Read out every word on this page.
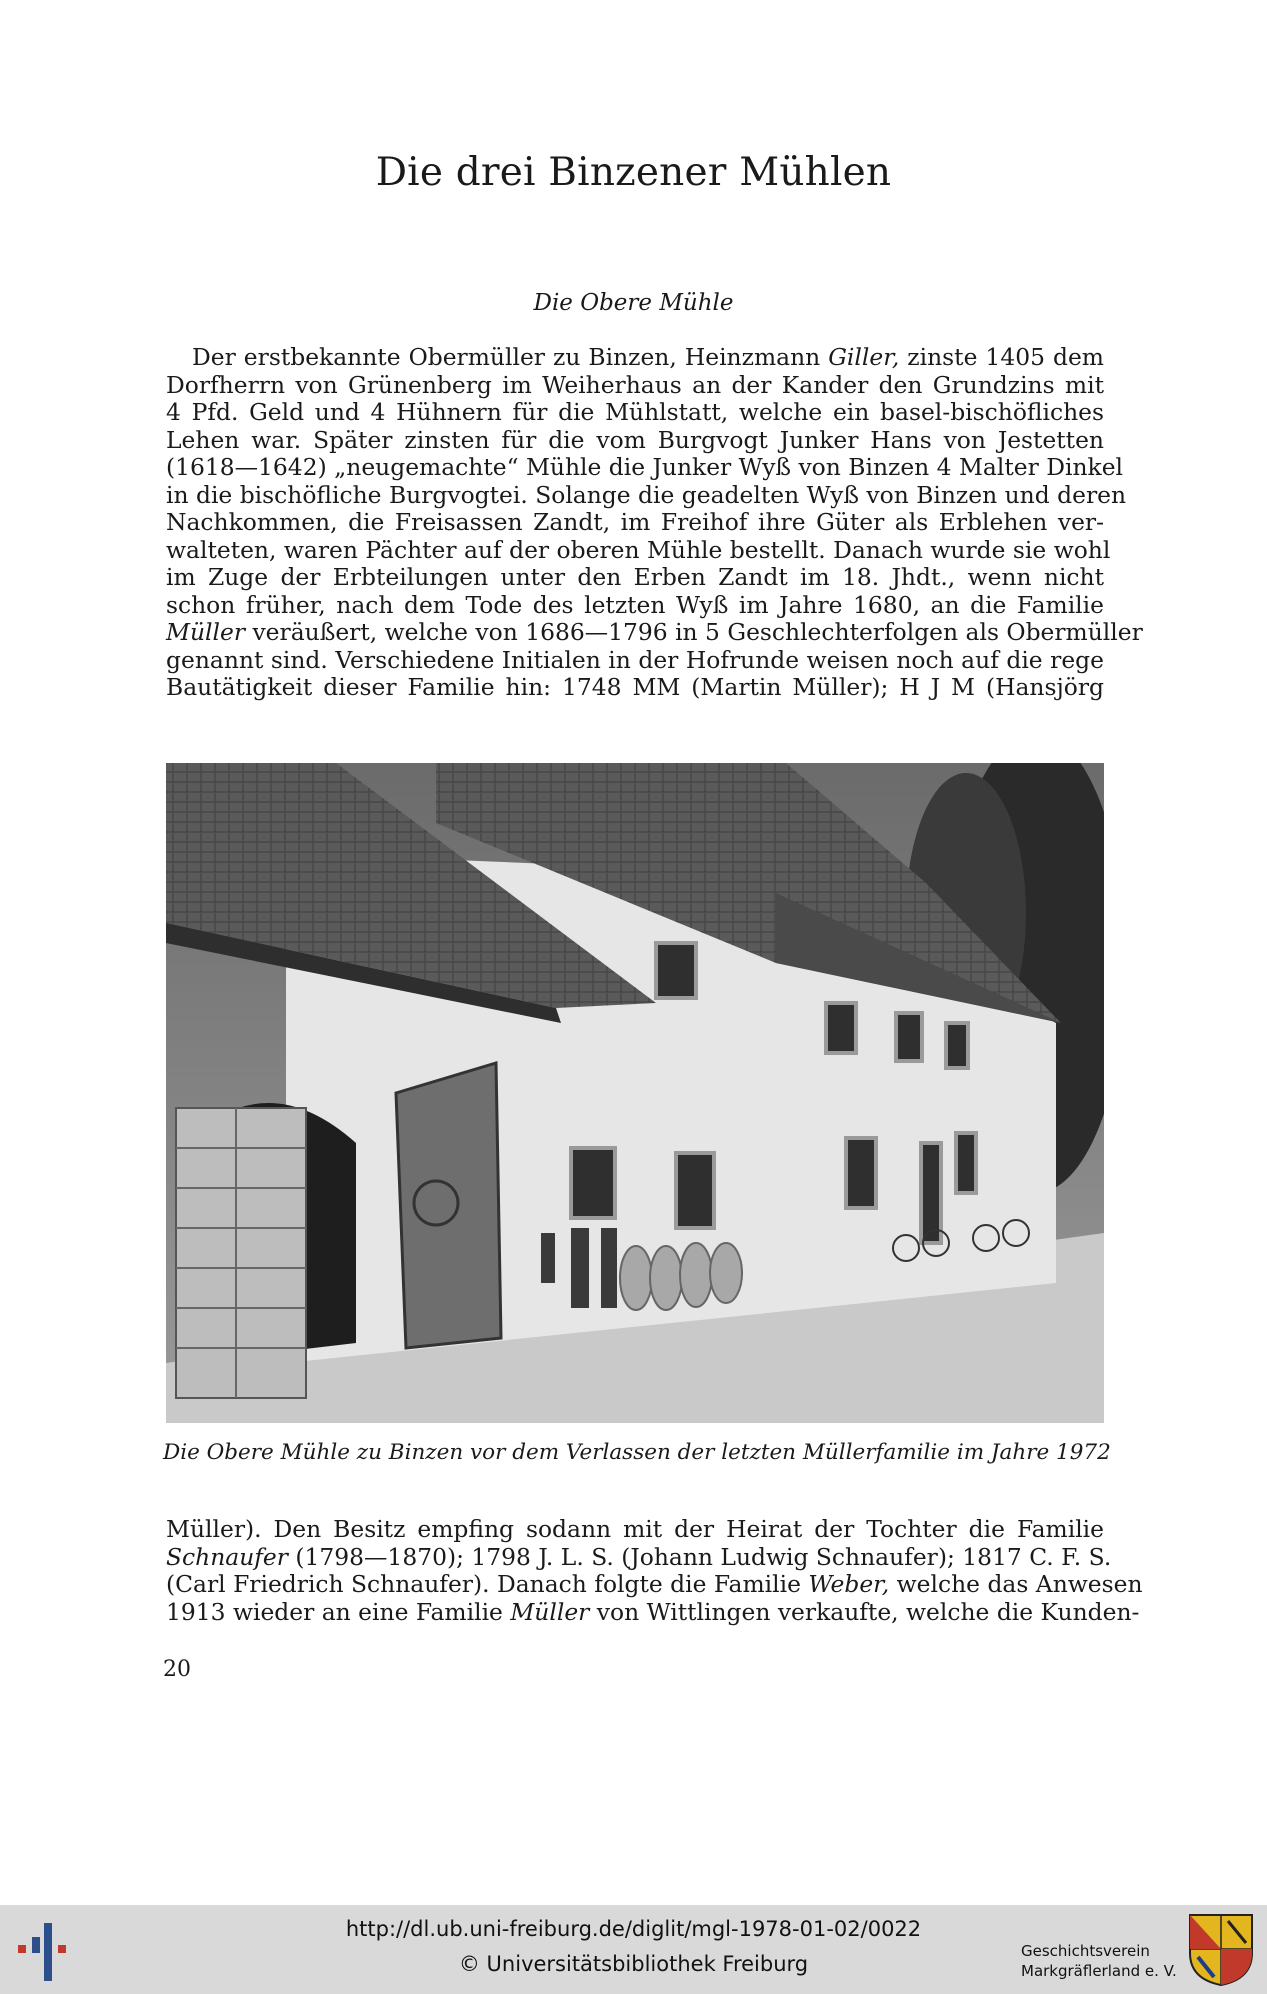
Die drei Binzener Mühlen
Die Obere Mühle
Der erstbekannte Obermüller zu Binzen, Heinzmann Giller, zinste 1405 dem
Dorfherrn von Grünenberg im Weiherhaus an der Kander den Grundzins mit
4 Pfd. Geld und 4 Hühnern für die Mühlstatt, welche ein basel-bischöfliches
Lehen war. Später zinsten für die vom Burgvogt Junker Hans von Jestetten
(1618—1642) „neugemachte“ Mühle die Junker Wyß von Binzen 4 Malter Dinkel
in die bischöfliche Burgvogtei. Solange die geadelten Wyß von Binzen und deren
Nachkommen, die Freisassen Zandt, im Freihof ihre Güter als Erblehen ver-
walteten, waren Pächter auf der oberen Mühle bestellt. Danach wurde sie wohl
im Zuge der Erbteilungen unter den Erben Zandt im 18. Jhdt., wenn nicht
schon früher, nach dem Tode des letzten Wyß im Jahre 1680, an die Familie
Müller veräußert, welche von 1686—1796 in 5 Geschlechterfolgen als Obermüller
genannt sind. Verschiedene Initialen in der Hofrunde weisen noch auf die rege
Bautätigkeit dieser Familie hin: 1748 MM (Martin Müller); H J M (Hansjörg
Die Obere Mühle zu Binzen vor dem Verlassen der letzten Müllerfamilie im Jahre 1972
Müller). Den Besitz empfing sodann mit der Heirat der Tochter die Familie
Schnaufer (1798—1870); 1798 J. L. S. (Johann Ludwig Schnaufer); 1817 C. F. S.
(Carl Friedrich Schnaufer). Danach folgte die Familie Weber, welche das Anwesen
1913 wieder an eine Familie Müller von Wittlingen verkaufte, welche die Kunden-
20
http://dl.ub.uni-freiburg.de/diglit/mgl-1978-01-02/0022
© Universitätsbibliothek Freiburg
Geschichtsverein
Markgräflerland e. V.
